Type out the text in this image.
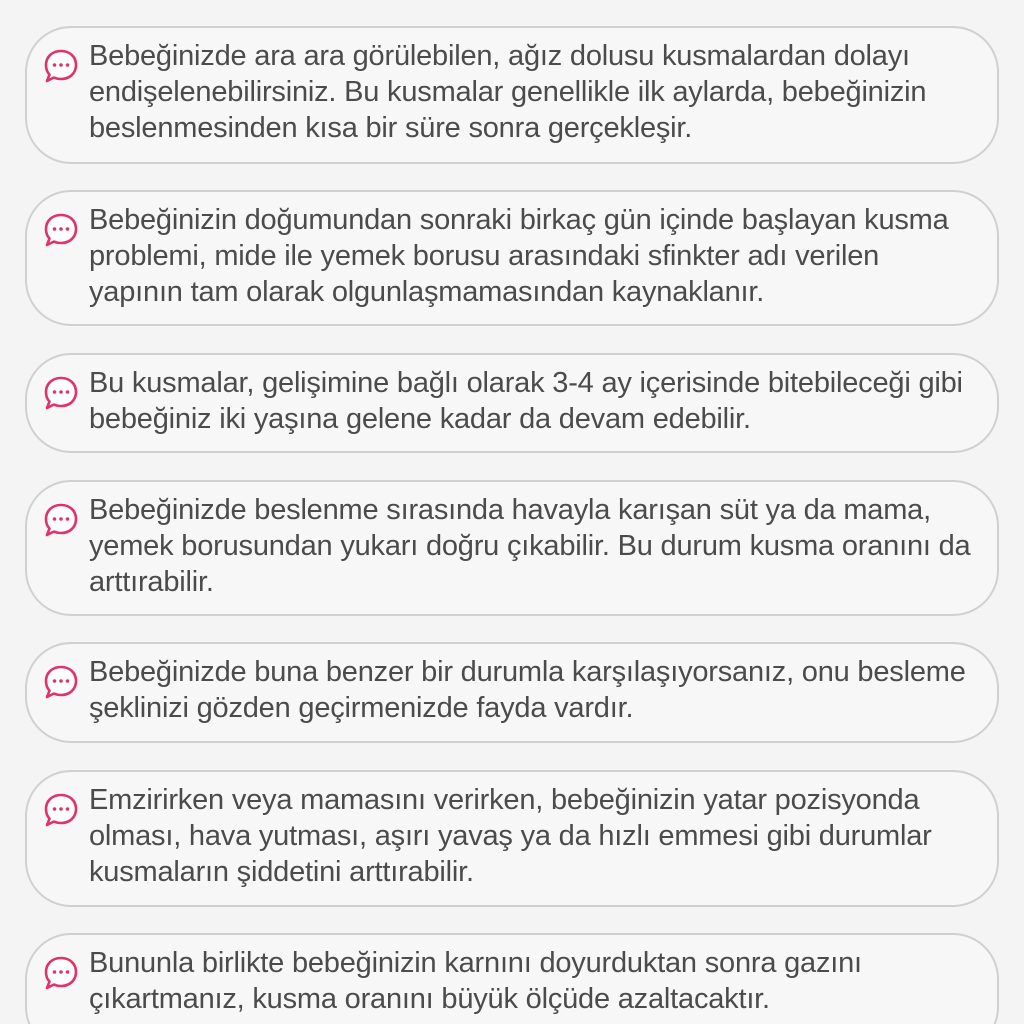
Bebeğinizde ara ara görülebilen, ağız dolusu kusmalardan dolayı endişelenebilirsiniz. Bu kusmalar genellikle ilk aylarda, bebeğinizin beslenmesinden kısa bir süre sonra gerçekleşir.
Bebeğinizin doğumundan sonraki birkaç gün içinde başlayan kusma problemi, mide ile yemek borusu arasındaki sfinkter adı verilen yapının tam olarak olgunlaşmamasından kaynaklanır.
Bu kusmalar, gelişimine bağlı olarak 3-4 ay içerisinde bitebileceği gibi bebeğiniz iki yaşına gelene kadar da devam edebilir.
Bebeğinizde beslenme sırasında havayla karışan süt ya da mama, yemek borusundan yukarı doğru çıkabilir. Bu durum kusma oranını da arttırabilir.
Bebeğinizde buna benzer bir durumla karşılaşıyorsanız, onu besleme şeklinizi gözden geçirmenizde fayda vardır.
Emzirirken veya mamasını verirken, bebeğinizin yatar pozisyonda olması, hava yutması, aşırı yavaş ya da hızlı emmesi gibi durumlar kusmaların şiddetini arttırabilir.
Bununla birlikte bebeğinizin karnını doyurduktan sonra gazını çıkartmanız, kusma oranını büyük ölçüde azaltacaktır.
